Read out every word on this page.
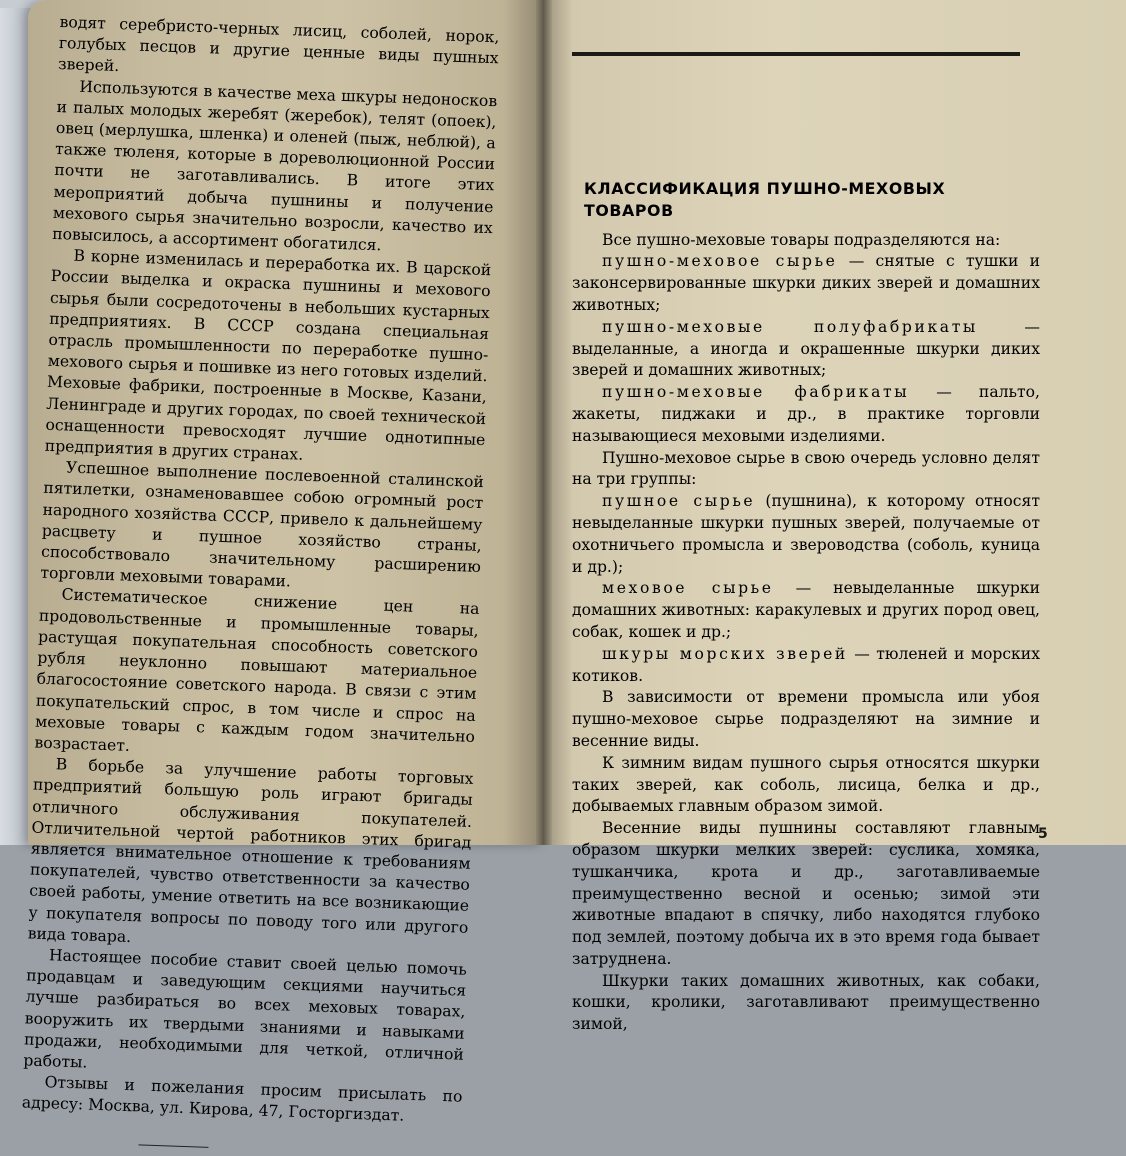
водят серебристо-черных лисиц, соболей, норок, голубых песцов и другие ценные виды пушных зверей.

Используются в качестве меха шкуры недоносков и палых молодых жеребят (жеребок), телят (опоек), овец (мерлушка, шленка) и оленей (пыж, неблюй), а также тюленя, которые в дореволюционной России почти не заготавливались. В итоге этих мероприятий добыча пушнины и получение мехового сырья значительно возросли, качество их повысилось, а ассортимент обогатился.

В корне изменилась и переработка их. В царской России выделка и окраска пушнины и мехового сырья были сосредоточены в небольших кустарных предприятиях. В СССР создана специальная отрасль промышленности по переработке пушно-мехового сырья и пошивке из него готовых изделий. Меховые фабрики, построенные в Москве, Казани, Ленинграде и других городах, по своей технической оснащенности превосходят лучшие однотипные предприятия в других странах.

Успешное выполнение послевоенной сталинской пятилетки, ознаменовавшее собою огромный рост народного хозяйства СССР, привело к дальнейшему расцвету и пушное хозяйство страны, способствовало значительному расширению торговли меховыми товарами.

Систематическое снижение цен на продовольственные и промышленные товары, растущая покупательная способность советского рубля неуклонно повышают материальное благосостояние советского народа. В связи с этим покупательский спрос, в том числе и спрос на меховые товары с каждым годом значительно возрастает.

В борьбе за улучшение работы торговых предприятий большую роль играют бригады отличного обслуживания покупателей. Отличительной чертой работников этих бригад является внимательное отношение к требованиям покупателей, чувство ответственности за качество своей работы, умение ответить на все возникающие у покупателя вопросы по поводу того или другого вида товара.

Настоящее пособие ставит своей целью помочь продавцам и заведующим секциями научиться лучше разбираться во всех меховых товарах, вооружить их твердыми знаниями и навыками продажи, необходимыми для четкой, отличной работы.

Отзывы и пожелания просим присылать по адресу: Москва, ул. Кирова, 47, Госторгиздат.

КЛАССИФИКАЦИЯ ПУШНО-МЕХОВЫХ ТОВАРОВ

Все пушно-меховые товары подразделяются на:

пушно-меховое сырье — снятые с тушки и законсервированные шкурки диких зверей и домашних животных;

пушно-меховые полуфабрикаты — выделанные, а иногда и окрашенные шкурки диких зверей и домашних животных;

пушно-меховые фабрикаты — пальто, жакеты, пиджаки и др., в практике торговли называющиеся меховыми изделиями.

Пушно-меховое сырье в свою очередь условно делят на три группы:

пушное сырье (пушнина), к которому относят невыделанные шкурки пушных зверей, получаемые от охотничьего промысла и звероводства (соболь, куница и др.);

меховое сырье — невыделанные шкурки домашних животных: каракулевых и других пород овец, собак, кошек и др.;

шкуры морских зверей — тюленей и морских котиков.

В зависимости от времени промысла или убоя пушно-меховое сырье подразделяют на зимние и весенние виды.

К зимним видам пушного сырья относятся шкурки таких зверей, как соболь, лисица, белка и др., добываемых главным образом зимой.

Весенние виды пушнины составляют главным образом шкурки мелких зверей: суслика, хомяка, тушканчика, крота и др., заготавливаемые преимущественно весной и осенью; зимой эти животные впадают в спячку, либо находятся глубоко под землей, поэтому добыча их в это время года бывает затруднена.

Шкурки таких домашних животных, как собаки, кошки, кролики, заготавливают преимущественно зимой,

5
